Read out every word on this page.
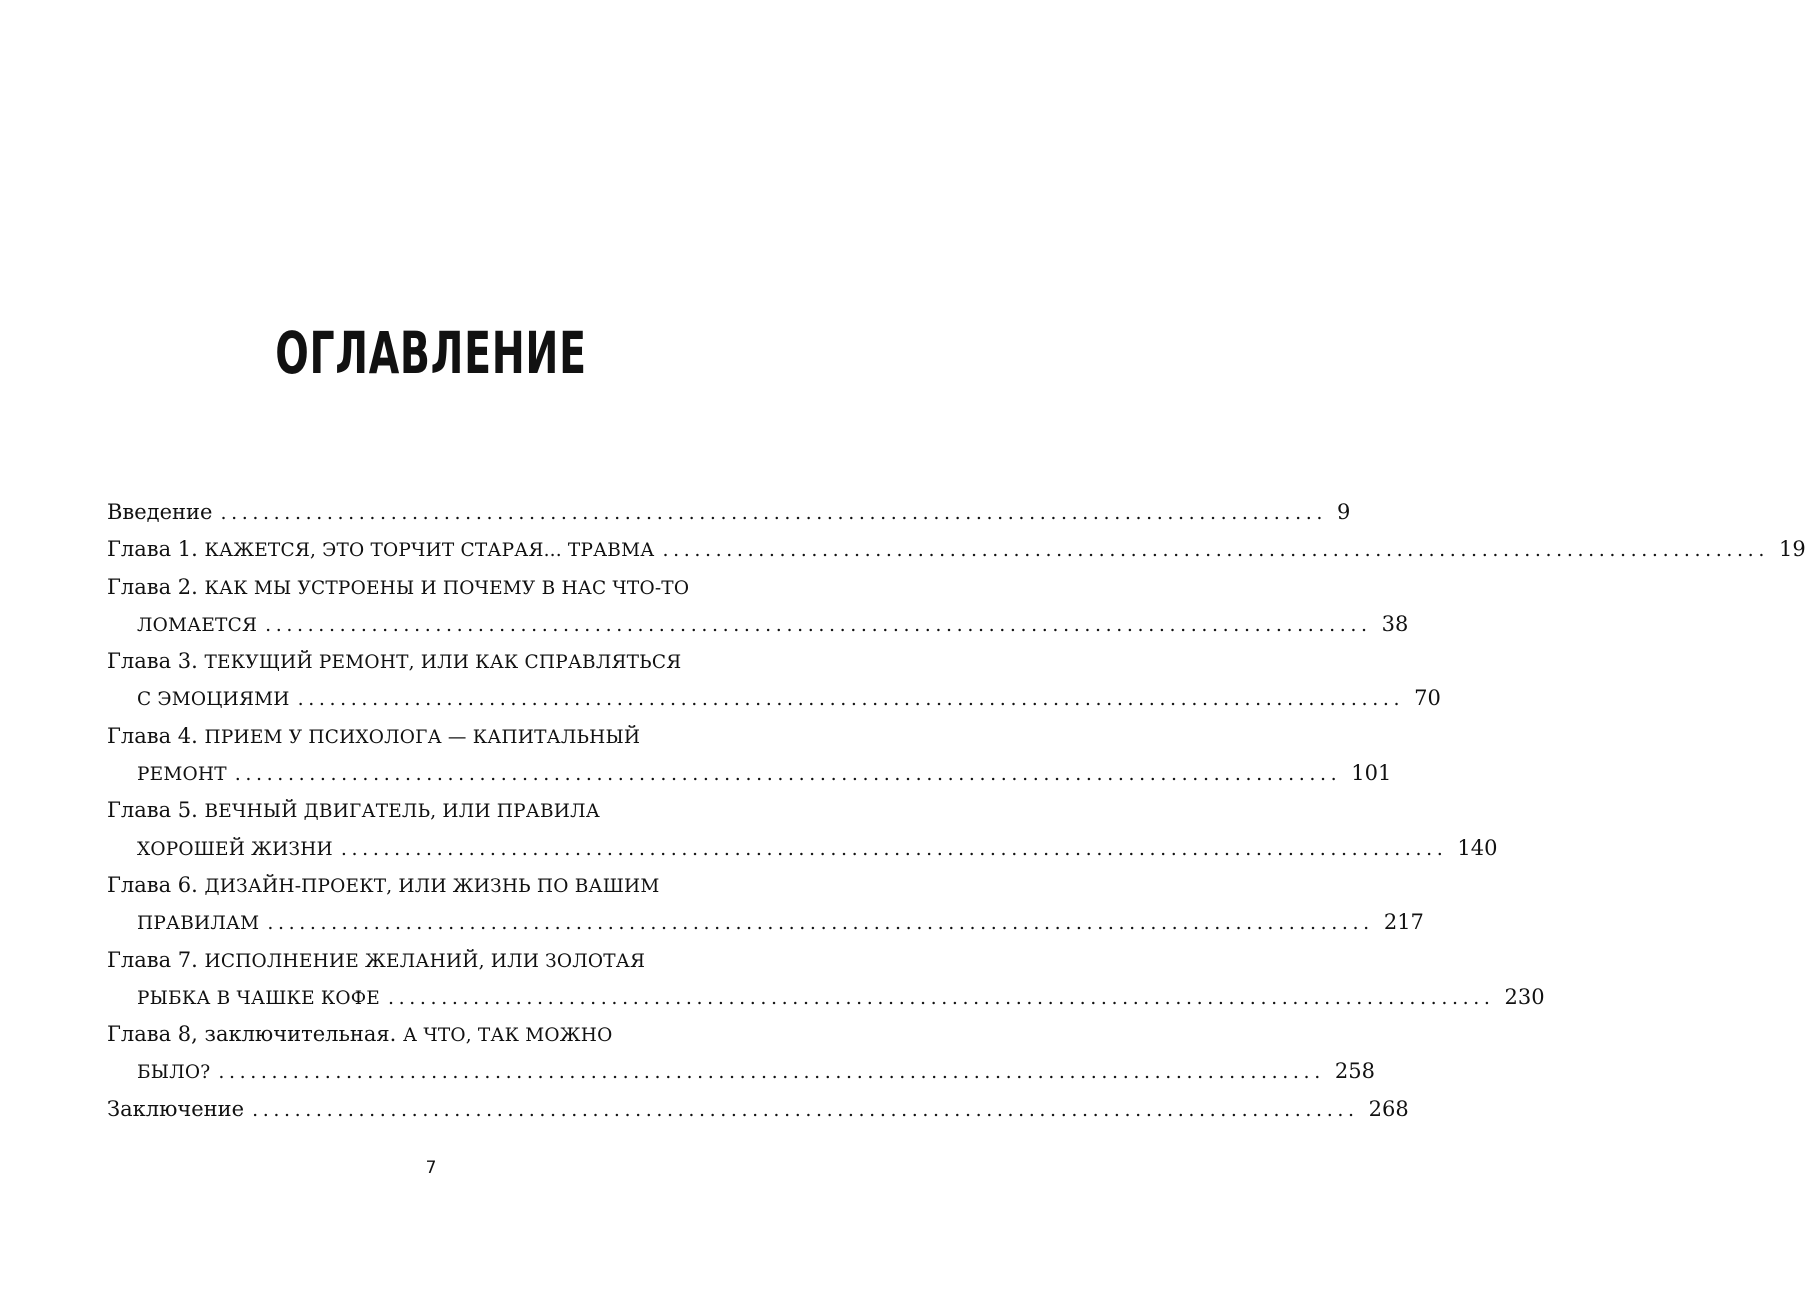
ОГЛАВЛЕНИЕ
Введение ........................................................................................................ 9
Глава 1. КАЖЕТСЯ, ЭТО ТОРЧИТ СТАРАЯ... ТРАВМА ........................................................................................................ 19
Глава 2. КАК МЫ УСТРОЕНЫ И ПОЧЕМУ В НАС ЧТО-ТО
ЛОМАЕТСЯ ........................................................................................................ 38
Глава 3. ТЕКУЩИЙ РЕМОНТ, ИЛИ КАК СПРАВЛЯТЬСЯ
С ЭМОЦИЯМИ ........................................................................................................ 70
Глава 4. ПРИЕМ У ПСИХОЛОГА — КАПИТАЛЬНЫЙ
РЕМОНТ ........................................................................................................ 101
Глава 5. ВЕЧНЫЙ ДВИГАТЕЛЬ, ИЛИ ПРАВИЛА
ХОРОШЕЙ ЖИЗНИ ........................................................................................................ 140
Глава 6. ДИЗАЙН-ПРОЕКТ, ИЛИ ЖИЗНЬ ПО ВАШИМ
ПРАВИЛАМ ........................................................................................................ 217
Глава 7. ИСПОЛНЕНИЕ ЖЕЛАНИЙ, ИЛИ ЗОЛОТАЯ
РЫБКА В ЧАШКЕ КОФЕ ........................................................................................................ 230
Глава 8, заключительная. А ЧТО, ТАК МОЖНО
БЫЛО? ........................................................................................................ 258
Заключение ........................................................................................................ 268
7
